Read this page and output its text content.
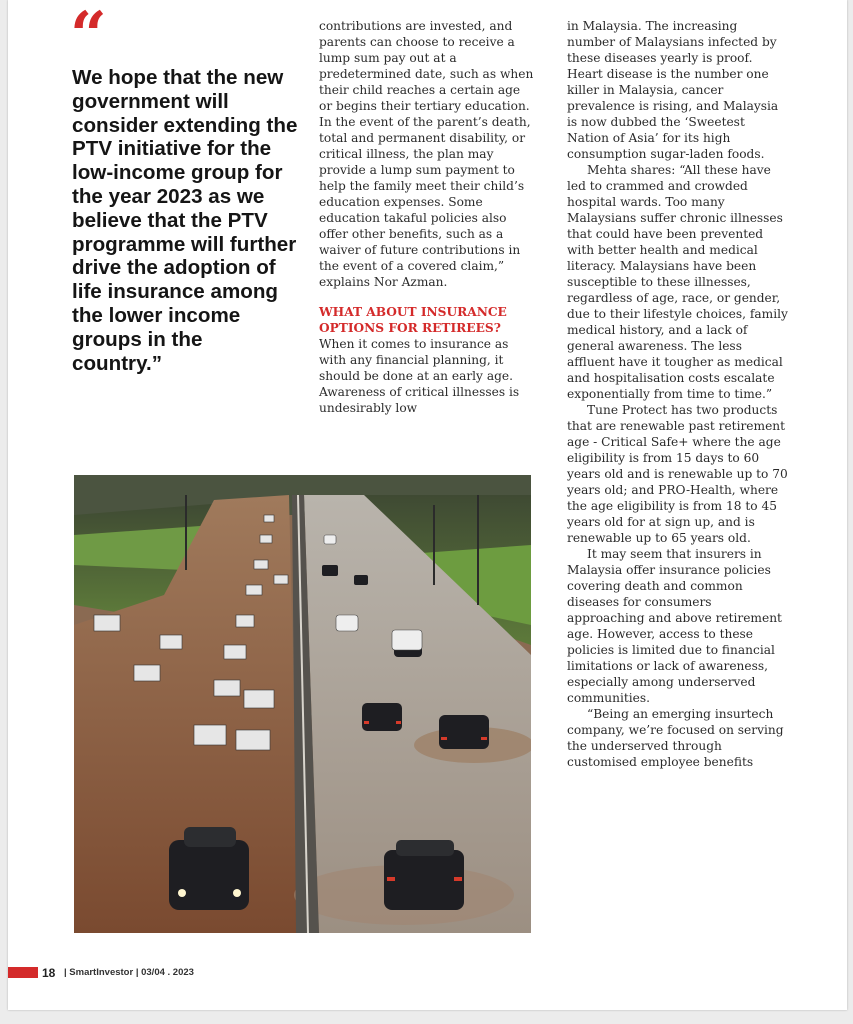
“

We hope that the new government will consider extending the PTV initiative for the low-income group for the year 2023 as we believe that the PTV programme will further drive the adoption of life insurance among the lower income groups in the country.”

contributions are invested, and parents can choose to receive a lump sum pay out at a predetermined date, such as when their child reaches a certain age or begins their tertiary education. In the event of the parent’s death, total and permanent disability, or critical illness, the plan may provide a lump sum payment to help the family meet their child’s education expenses. Some education takaful policies also offer other benefits, such as a waiver of future contributions in the event of a covered claim,” explains Nor Azman.

WHAT ABOUT INSURANCE OPTIONS FOR RETIREES?

When it comes to insurance as with any financial planning, it should be done at an early age. Awareness of critical illnesses is undesirably low

in Malaysia. The increasing number of Malaysians infected by these diseases yearly is proof. Heart disease is the number one killer in Malaysia, cancer prevalence is rising, and Malaysia is now dubbed the ‘Sweetest Nation of Asia’ for its high consumption sugar-laden foods.

Mehta shares: “All these have led to crammed and crowded hospital wards. Too many Malaysians suffer chronic illnesses that could have been prevented with better health and medical literacy. Malaysians have been susceptible to these illnesses, regardless of age, race, or gender, due to their lifestyle choices, family medical history, and a lack of general awareness. The less affluent have it tougher as medical and hospitalisation costs escalate exponentially from time to time.”

Tune Protect has two products that are renewable past retirement age - Critical Safe+ where the age eligibility is from 15 days to 60 years old and is renewable up to 70 years old; and PRO-Health, where the age eligibility is from 18 to 45 years old for at sign up, and is renewable up to 65 years old.

It may seem that insurers in Malaysia offer insurance policies covering death and common diseases for consumers approaching and above retirement age. However, access to these policies is limited due to financial limitations or lack of awareness, especially among underserved communities.

“Being an emerging insurtech company, we’re focused on serving the underserved through customised employee benefits

18 | SmartInvestor | 03/04 . 2023
